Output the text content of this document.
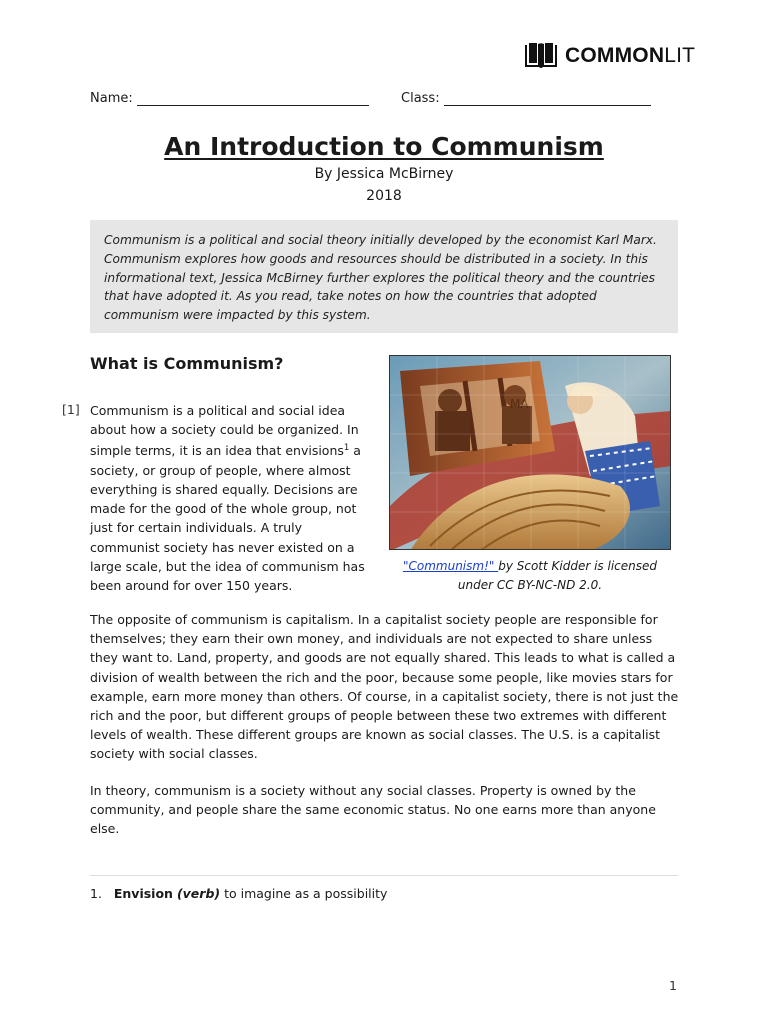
COMMONLIT
Name:	Class:
An Introduction to Communism
By Jessica McBirney
2018
Communism is a political and social theory initially developed by the economist Karl Marx. Communism explores how goods and resources should be distributed in a society. In this informational text, Jessica McBirney further explores the political theory and the countries that have adopted it. As you read, take notes on how the countries that adopted communism were impacted by this system.
What is Communism?
[1] Communism is a political and social idea about how a society could be organized. In simple terms, it is an idea that envisions$^1$ a society, or group of people, where almost everything is shared equally. Decisions are made for the good of the whole group, not just for certain individuals. A truly communist society has never existed on a large scale, but the idea of communism has been around for over 150 years.
MA
"Communism!" by Scott Kidder is licensed
under CC BY-NC-ND 2.0.
The opposite of communism is capitalism. In a capitalist society people are responsible for themselves; they earn their own money, and individuals are not expected to share unless they want to. Land, property, and goods are not equally shared. This leads to what is called a division of wealth between the rich and the poor, because some people, like movies stars for example, earn more money than others. Of course, in a capitalist society, there is not just the rich and the poor, but different groups of people between these two extremes with different levels of wealth. These different groups are known as social classes. The U.S. is a capitalist society with social classes.
In theory, communism is a society without any social classes. Property is owned by the community, and people share the same economic status. No one earns more than anyone else.
1. Envision (verb) to imagine as a possibility
1
